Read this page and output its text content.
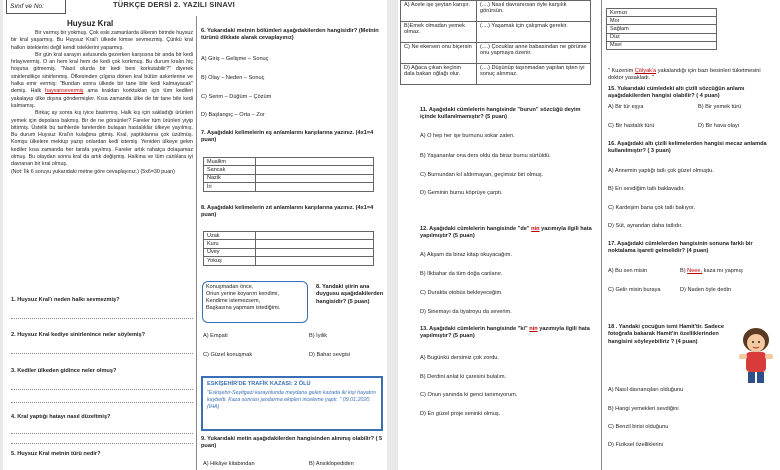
Sınıf ve No:	TÜRKÇE DERSİ 2. YAZILI SINAVI
Huysuz Kral

Bir varmış bir yokmuş. Çok eski zamanlarda ülkenin birinde huysuz bir kral yaşarmış. Bu Huysuz Kral'ı ülkede kimse sevmezmiş. Çünkü kral halkın isteklerini değil kendi isteklerini yaparmış.

Bir gün kral sarayın avlusunda gezerken karşısına bir anda bir kedi fırlayıvermiş. O an hem kral hem de kedi çok korkmuş. Bu durum kralın hiç hoşuna gitmemiş. "Nasıl olurda bir kedi beni korkutabilir?" diyerek sinirlendikçe sinirlenmiş. Öfkesinden çılgına dönen kral bütün askerlerine ve halka emir vermiş: "Bundan sonra ülkede bir tane bile kedi kalmayacak" demiş. Halk hayvansevermiş ama kraldan korktukları için tüm kedileri yakalayıp ülke dışına göndermişler. Kısa zamanda ülke de bir tane bile kedi kalmamış.

Birkaç ay sonra kış iyice bastırmış. Halk kış için sakladığı ürünleri yemek için depolara bakmış. Bir de ne görsünler? Fareler tüm ürünleri yiyip bitirmiş. Üstelik bu tarihlerde farelerden bulaşan hastalıklar ülkeye yayılmış. Bu durum Huysuz Kral'ın kulağına gitmiş. Kral, yaptıklarına çok üzülmüş. Komşu ülkelere mektup yazıp onlardan kedi istemiş. Yeniden ülkeye gelen kediler kısa zamanda her tarafa yayılmış. Fareler artık rahatça dolaşamaz olmuş. Bu olaydan sonra kral da artık değişmiş. Halkına ve tüm canlılara iyi davranan bir kral olmuş.

(Not: İlk 6 soruyu yukarıdaki metne göre cevaplayınız.) (5x6=30 puan)
1. Huysuz Kral'ı neden halkı sevmezmiş?
2. Huysuz Kral kediye sinirlenince neler söylemiş?
3. Kediler ülkeden gidince neler olmuş?
4. Kral yaptığı hatayı nasıl düzeltmiş?
5. Huysuz Kral metnin türü nedir?
6. Yukarıdaki metnin bölümleri aşağıdakilerden hangisidir? (Metnin türünü dikkate alarak cevaplayınız)
A) Giriş – Gelişme – Sonuç
B) Olay – Neden – Sonuç
C) Serim – Düğüm – Çözüm
D) Başlangıç – Orta – Zor
7. Aşağıdaki kelimelerin eş anlamlarını karşılarına yazınız. (4x1=4 puan)
Muallim	
Sancak	
Nazik	
İri	
8. Aşağıdaki kelimelerin zıt anlamlarını karşılarına yazınız. (4x1=4 puan)
Uzak	
Kuru	
Üvey	
Yokuş	
Konuşmadan önce,
Onun yerine koyarım kendimi,
Kendime istemezsem,
Başkasına yapmam istediğimi.
8. Yandaki şiirin ana duygusu aşağıdakilerden hangisidir? (5 puan)
A) Empati	B) İyilik
C) Güzel konuşmak	D) Bahar sevgisi
ESKİŞEHİR'DE TRAFİK KAZASI: 2 ÖLÜ
"Eskişehir-Seyitgazi karayolunda meydana gelen kazada iki kişi hayatını kaybetti. Kaza sonrası jandarma ekipleri inceleme yaptı. " 09.01.2020. (İHA)
9. Yukarıdaki metin aşağıdakilerden hangisinden alınmış olabilir? ( 5 puan)
A) Hikâye kitabından	B) Ansiklopediden
A) Acele işe şeytan karışır.	(....) Nasıl davranırsan öyle karşılık görürsün.
B)Emek olmadan yemek olmaz.	(....) Yaşamak için çalışmak gerekir.
C) Ne ekersen onu biçersin	(....) Çocuklar anne babasından ne görürse onu yapmaya özenir.
D) Ağaca çıkan keçinin dala bakan oğlağı olur.	(....) Düşünüp taşınmadan yapılan işten iyi sonuç alınmaz.
11. Aşağıdaki cümlelerin hangisinde "burun" sözcüğü deyim içinde kullanılmamıştır? (5 puan)
A) O hep her işe burnunu sokar zaten.
B) Yaşananlar ona ders oldu da biraz burnu sürtüldü.
C) Burnundan kıl aldırmayan, geçimsiz biri olmuş.
D) Geminin burnu köprüye çarptı.
12. Aşağıdaki cümlelerin hangisinde "de" nin yazımıyla ilgili hata yapılmıştır? (5 puan)
A) Akşam da biraz kitap okuyacağım.
B) İlkbahar da tüm doğa canlanır.
C) Durakta otobüs bekleyeceğim.
D) Sinemayı da tiyatroyu da severim.
13. Aşağıdaki cümlelerin hangisinde "ki" nin yazımıyla ilgili hata yapılmıştır? (5 puan)
A) Bugünkü dersimiz çok zordu.
B) Derdini anlat ki çaresini bulalım.
C) Onun yanında ki genci tanımıyorum.
D) En güzel proje seninki olmuş.
Kırmızı
Mor
Sağlam
Düz
Mavi
" Kuzenim Çölyak'a yakalandığı için bazı besinleri tüketmesini doktor yasakladı. "
15. Yukarıdaki cümledeki altı çizili sözcüğün anlamı aşağıdakilerden hangisi olabilir? ( 4 puan)
A) Bir tür eşya	B) Bir yemek türü
C) Bir hastalık türü	D) Bir hava olayı
16. Aşağıdaki altı çizili kelimelerden hangisi mecaz anlamda kullanılmıştır? ( 3 puan)
A) Annemin yaptığı tatlı çok güzel olmuştu.
B) En sevdiğim tatlı baklavadır.
C) Kardeşim bana çok tatlı bakıyor.
D) Süt, ayrandan daha tatlıdır.
17. Aşağıdaki cümlelerden hangisinin sonuna farklı bir noktalama işareti gelmelidir? (4 puan)
A) Bu sen misin	B) Neee, kaza mı yapmış
C) Gelir misin buraya	D) Naden öyle dedin
18 . Yandaki çocuğun ismi Hamit'tir. Sadece fotoğrafa bakarak Hamit'in özelliklerinden hangisini söyleyebiliriz ? (4 puan)
A) Nasıl davranışları olduğunu
B) Hangi yemekleri sevdiğini
C) Benzil birisi olduğunu
D) Fiziksel özelliklerini
